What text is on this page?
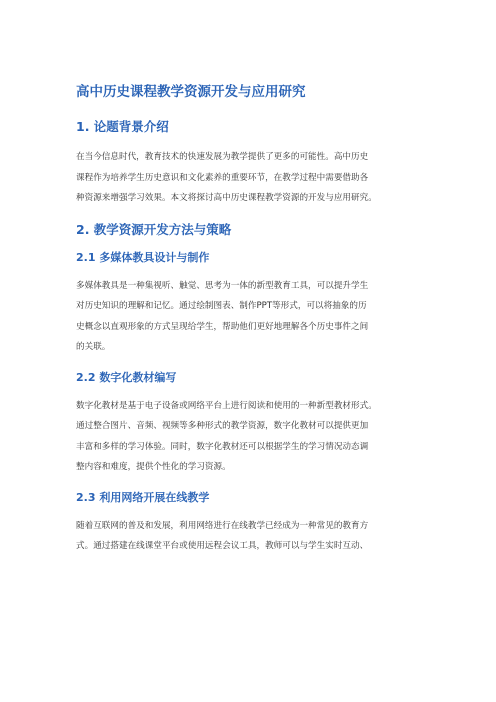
高中历史课程教学资源开发与应用研究
1. 论题背景介绍
在当今信息时代，教育技术的快速发展为教学提供了更多的可能性。高中历史
课程作为培养学生历史意识和文化素养的重要环节，在教学过程中需要借助各
种资源来增强学习效果。本文将探讨高中历史课程教学资源的开发与应用研究。
2. 教学资源开发方法与策略
2.1 多媒体教具设计与制作
多媒体教具是一种集视听、触觉、思考为一体的新型教育工具，可以提升学生
对历史知识的理解和记忆。通过绘制图表、制作PPT等形式，可以将抽象的历
史概念以直观形象的方式呈现给学生，帮助他们更好地理解各个历史事件之间
的关联。
2.2 数字化教材编写
数字化教材是基于电子设备或网络平台上进行阅读和使用的一种新型教材形式。
通过整合图片、音频、视频等多种形式的教学资源，数字化教材可以提供更加
丰富和多样的学习体验。同时，数字化教材还可以根据学生的学习情况动态调
整内容和难度，提供个性化的学习资源。
2.3 利用网络开展在线教学
随着互联网的普及和发展，利用网络进行在线教学已经成为一种常见的教育方
式。通过搭建在线课堂平台或使用远程会议工具，教师可以与学生实时互动、
